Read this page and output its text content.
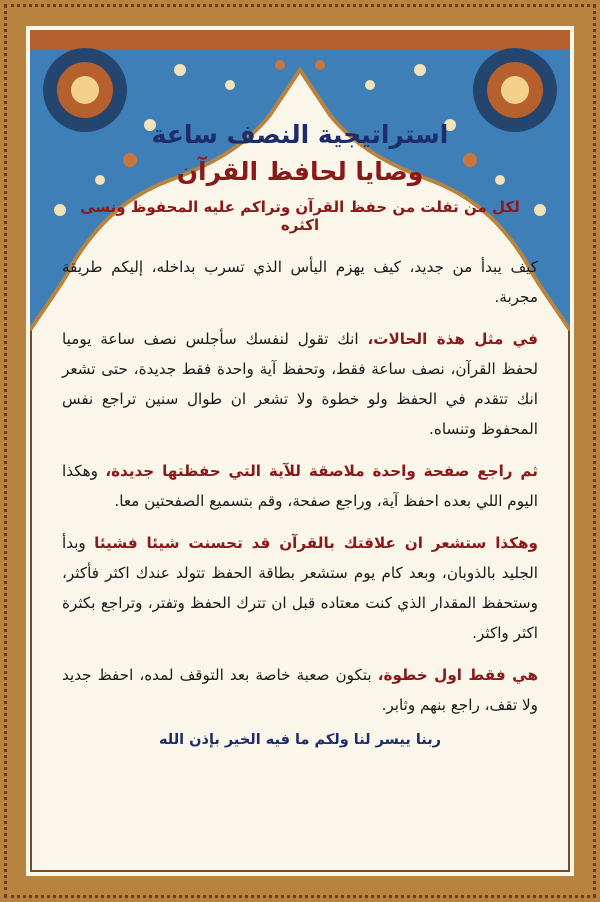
استراتيجية النصف ساعة
وصايا لحافظ القرآن
لكل من تفلت من حفظ القرآن وتراكم عليه المحفوظ ونسى اكثره

كيف يبدأ من جديد، كيف يهزم اليأس الذي تسرب بداخله، إليكم طريقة مجربة.

في مثل هذة الحالات، انك تقول لنفسك سأجلس نصف ساعة يوميا لحفظ القرآن، نصف ساعة فقط، وتحفظ آية واحدة فقط جديدة، حتى تشعر انك تتقدم في الحفظ ولو خطوة ولا تشعر ان طوال سنين تراجع نفس المحفوظ وتنساه.

ثم راجع صفحة واحدة ملاصقة للآية التي حفظتها جديدة، وهكذا اليوم اللي بعده احفظ آية، وراجع صفحة، وقم بتسميع الصفحتين معا.

وهكذا ستشعر ان علاقتك بالقرآن قد تحسنت شيئا فشيئا وبدأ الجليد بالذوبان، وبعد كام يوم ستشعر بطاقة الحفظ تتولد عندك اكثر فأكثر، وستحفظ المقدار الذي كنت معتاده قبل ان تترك الحفظ وتفتر، وتراجع بكثرة اكثر واكثر.

هي فقط اول خطوة، بتكون صعبة خاصة بعد التوقف لمده، احفظ جديد ولا تقف، راجع بنهم وثابر.

ربنا ييسر لنا ولكم ما فيه الخير بإذن الله
